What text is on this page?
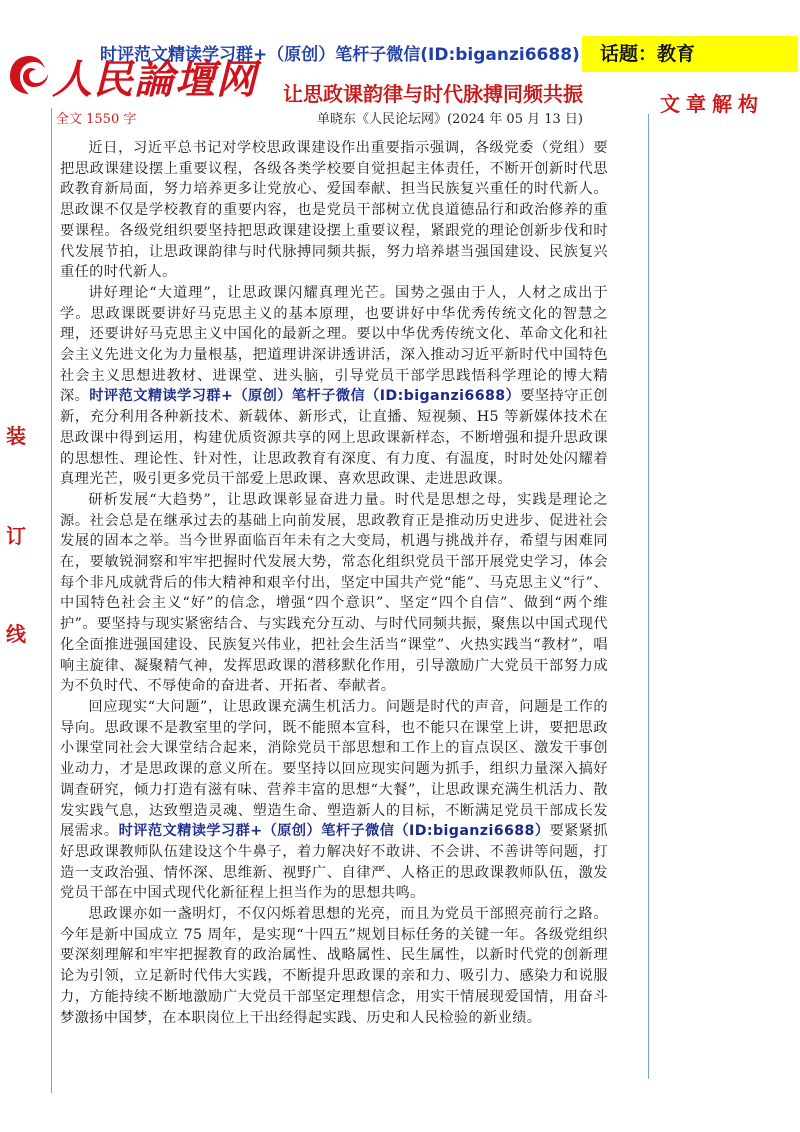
人民論壇网
时评范文精读学习群+（原创）笔杆子微信(ID:biganzi6688)	话题：教育
让思政课韵律与时代脉搏同频共振	文章解构
全文 1550 字	单晓东《人民论坛网》(2024 年 05 月 13 日)
装
订
线

近日，习近平总书记对学校思政课建设作出重要指示强调，各级党委（党组）要把思政课建设摆上重要议程，各级各类学校要自觉担起主体责任，不断开创新时代思政教育新局面，努力培养更多让党放心、爱国奉献、担当民族复兴重任的时代新人。思政课不仅是学校教育的重要内容，也是党员干部树立优良道德品行和政治修养的重要课程。各级党组织要坚持把思政课建设摆上重要议程，紧跟党的理论创新步伐和时代发展节拍，让思政课韵律与时代脉搏同频共振，努力培养堪当强国建设、民族复兴重任的时代新人。

讲好理论“大道理”，让思政课闪耀真理光芒。国势之强由于人，人材之成出于学。思政课既要讲好马克思主义的基本原理，也要讲好中华优秀传统文化的智慧之理，还要讲好马克思主义中国化的最新之理。要以中华优秀传统文化、革命文化和社会主义先进文化为力量根基，把道理讲深讲透讲活，深入推动习近平新时代中国特色社会主义思想进教材、进课堂、进头脑，引导党员干部学思践悟科学理论的博大精深。时评范文精读学习群+（原创）笔杆子微信（ID:biganzi6688）要坚持守正创新，充分利用各种新技术、新载体、新形式，让直播、短视频、H5 等新媒体技术在思政课中得到运用，构建优质资源共享的网上思政课新样态，不断增强和提升思政课的思想性、理论性、针对性，让思政教育有深度、有力度、有温度，时时处处闪耀着真理光芒，吸引更多党员干部爱上思政课、喜欢思政课、走进思政课。

研析发展“大趋势”，让思政课彰显奋进力量。时代是思想之母，实践是理论之源。社会总是在继承过去的基础上向前发展，思政教育正是推动历史进步、促进社会发展的固本之举。当今世界面临百年未有之大变局，机遇与挑战并存，希望与困难同在，要敏锐洞察和牢牢把握时代发展大势，常态化组织党员干部开展党史学习，体会每个非凡成就背后的伟大精神和艰辛付出，坚定中国共产党“能”、马克思主义“行”、中国特色社会主义“好”的信念，增强“四个意识”、坚定“四个自信”、做到“两个维护”。要坚持与现实紧密结合、与实践充分互动、与时代同频共振，聚焦以中国式现代化全面推进强国建设、民族复兴伟业，把社会生活当“课堂”、火热实践当“教材”，唱响主旋律、凝聚精气神，发挥思政课的潜移默化作用，引导激励广大党员干部努力成为不负时代、不辱使命的奋进者、开拓者、奉献者。

回应现实“大问题”，让思政课充满生机活力。问题是时代的声音，问题是工作的导向。思政课不是教室里的学问，既不能照本宣科，也不能只在课堂上讲，要把思政小课堂同社会大课堂结合起来，消除党员干部思想和工作上的盲点误区、激发干事创业动力，才是思政课的意义所在。要坚持以回应现实问题为抓手，组织力量深入搞好调查研究，倾力打造有滋有味、营养丰富的思想“大餐”，让思政课充满生机活力、散发实践气息，达致塑造灵魂、塑造生命、塑造新人的目标，不断满足党员干部成长发展需求。时评范文精读学习群+（原创）笔杆子微信（ID:biganzi6688）要紧紧抓好思政课教师队伍建设这个牛鼻子，着力解决好不敢讲、不会讲、不善讲等问题，打造一支政治强、情怀深、思维新、视野广、自律严、人格正的思政课教师队伍，激发党员干部在中国式现代化新征程上担当作为的思想共鸣。

思政课亦如一盏明灯，不仅闪烁着思想的光亮，而且为党员干部照亮前行之路。今年是新中国成立 75 周年，是实现“十四五”规划目标任务的关键一年。各级党组织要深刻理解和牢牢把握教育的政治属性、战略属性、民生属性，以新时代党的创新理论为引领，立足新时代伟大实践，不断提升思政课的亲和力、吸引力、感染力和说服力，方能持续不断地激励广大党员干部坚定理想信念，用实干情展现爱国情，用奋斗梦激扬中国梦，在本职岗位上干出经得起实践、历史和人民检验的新业绩。
